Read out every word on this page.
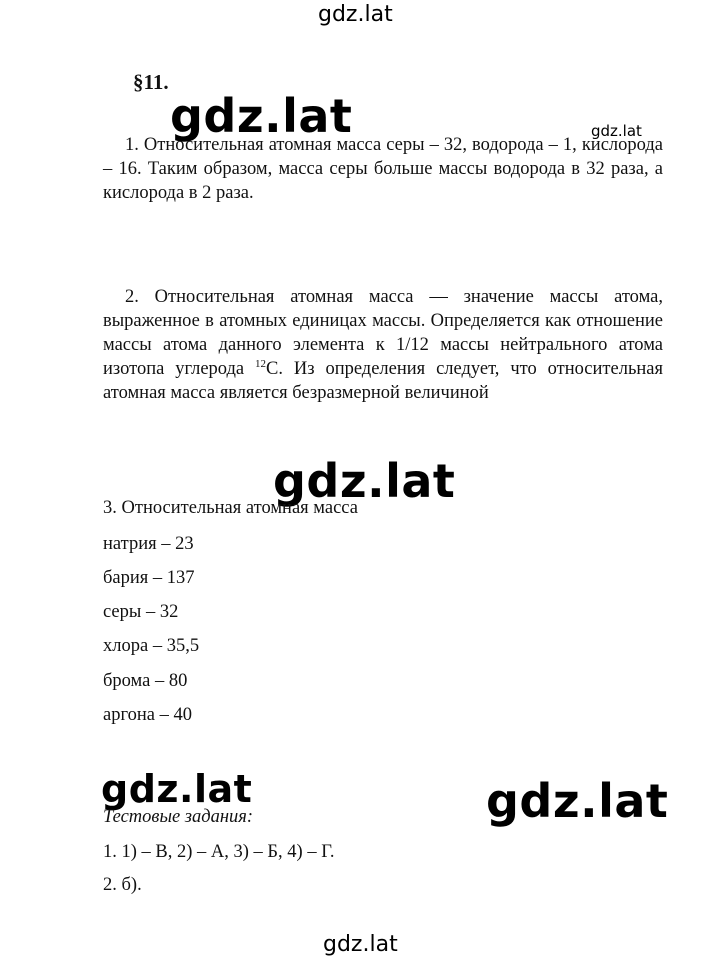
gdz.lat
§11.
gdz.lat	gdz.lat
1. Относительная атомная масса серы – 32, водорода – 1, кислорода – 16. Таким образом, масса серы больше массы водорода в 32 раза, а кислорода в 2 раза.
2. Относительная атомная масса — значение массы атома, выраженное в атомных единицах массы. Определяется как отношение массы атома данного элемента к 1/12 массы нейтрального атома изотопа углерода $^{12}$C. Из определения следует, что относительная атомная масса является безразмерной величиной
gdz.lat
3. Относительная атомная масса
натрия – 23
бария – 137
серы – 32
хлора – 35,5
брома – 80
аргона – 40
gdz.lat	gdz.lat
Тестовые задания:
1. 1) – В, 2) – А, 3) – Б, 4) – Г.
2. б).
gdz.lat
